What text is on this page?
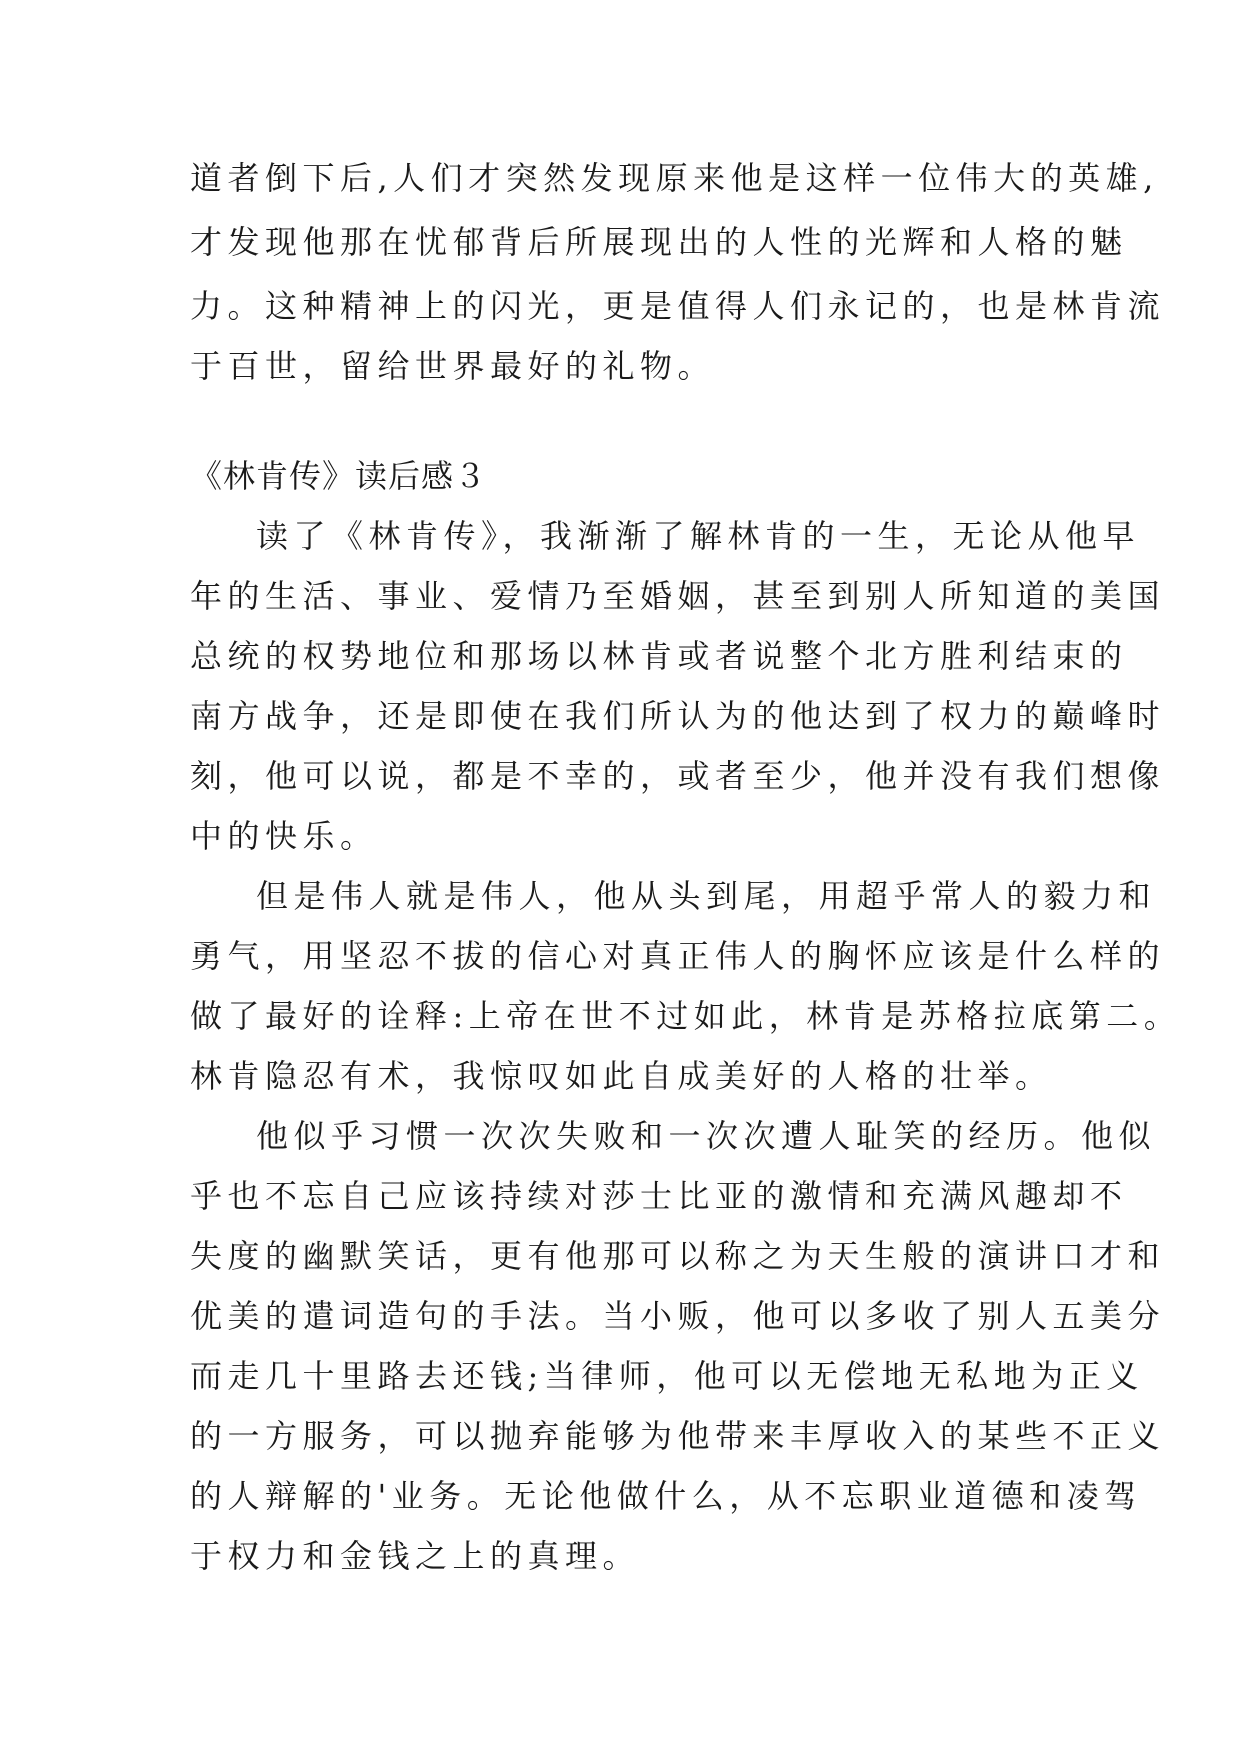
道者倒下后,人们才突然发现原来他是这样一位伟大的英雄,
才发现他那在忧郁背后所展现出的人性的光辉和人格的魅
力。这种精神上的闪光，更是值得人们永记的，也是林肯流
于百世，留给世界最好的礼物。
《林肯传》读后感３
读了《林肯传》，我渐渐了解林肯的一生，无论从他早
年的生活、事业、爱情乃至婚姻，甚至到别人所知道的美国
总统的权势地位和那场以林肯或者说整个北方胜利结束的
南方战争，还是即使在我们所认为的他达到了权力的巅峰时
刻，他可以说，都是不幸的，或者至少，他并没有我们想像
中的快乐。
但是伟人就是伟人，他从头到尾，用超乎常人的毅力和
勇气，用坚忍不拔的信心对真正伟人的胸怀应该是什么样的
做了最好的诠释:上帝在世不过如此，林肯是苏格拉底第二。
林肯隐忍有术，我惊叹如此自成美好的人格的壮举。
他似乎习惯一次次失败和一次次遭人耻笑的经历。他似
乎也不忘自己应该持续对莎士比亚的激情和充满风趣却不
失度的幽默笑话，更有他那可以称之为天生般的演讲口才和
优美的遣词造句的手法。当小贩，他可以多收了别人五美分
而走几十里路去还钱;当律师，他可以无偿地无私地为正义
的一方服务，可以抛弃能够为他带来丰厚收入的某些不正义
的人辩解的'业务。无论他做什么，从不忘职业道德和凌驾
于权力和金钱之上的真理。
